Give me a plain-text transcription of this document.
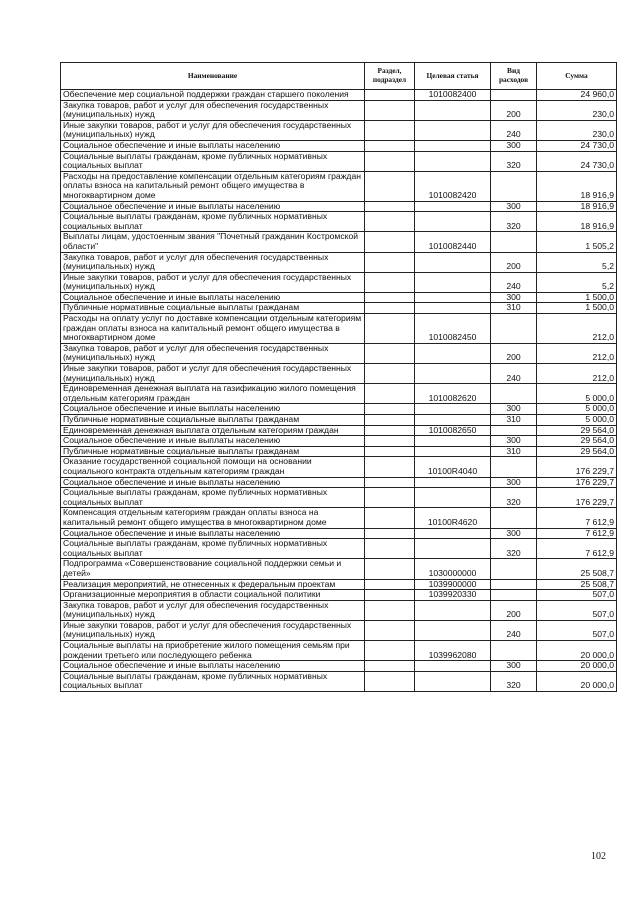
Наименование	Раздел, подраздел	Целевая статья	Вид расходов	Сумма
Обеспечение мер социальной поддержки граждан старшего поколения		1010082400		24 960,0
Закупка товаров, работ и услуг для обеспечения государственных (муниципальных) нужд			200	230,0
Иные закупки товаров, работ и услуг для обеспечения государственных (муниципальных) нужд			240	230,0
Социальное обеспечение и иные выплаты населению			300	24 730,0
Социальные выплаты гражданам, кроме публичных нормативных социальных выплат			320	24 730,0
Расходы на предоставление компенсации отдельным категориям граждан оплаты взноса на капитальный ремонт общего имущества в многоквартирном доме		1010082420		18 916,9
Социальное обеспечение и иные выплаты населению			300	18 916,9
Социальные выплаты гражданам, кроме публичных нормативных социальных выплат			320	18 916,9
Выплаты лицам, удостоенным звания "Почетный гражданин Костромской области"		1010082440		1 505,2
Закупка товаров, работ и услуг для обеспечения государственных (муниципальных) нужд			200	5,2
Иные закупки товаров, работ и услуг для обеспечения государственных (муниципальных) нужд			240	5,2
Социальное обеспечение и иные выплаты населению			300	1 500,0
Публичные нормативные социальные выплаты гражданам			310	1 500,0
Расходы на оплату услуг по доставке компенсации отдельным категориям граждан оплаты взноса на капитальный ремонт общего имущества в многоквартирном доме		1010082450		212,0
Закупка товаров, работ и услуг для обеспечения государственных (муниципальных) нужд			200	212,0
Иные закупки товаров, работ и услуг для обеспечения государственных (муниципальных) нужд			240	212,0
Единовременная денежная выплата на газификацию жилого помещения отдельным категориям граждан		1010082620		5 000,0
Социальное обеспечение и иные выплаты населению			300	5 000,0
Публичные нормативные социальные выплаты гражданам			310	5 000,0
Единовременная денежная выплата отдельным категориям граждан		1010082650		29 564,0
Социальное обеспечение и иные выплаты населению			300	29 564,0
Публичные нормативные социальные выплаты гражданам			310	29 564,0
Оказание государственной социальной помощи на основании социального контракта отдельным категориям граждан		10100R4040		176 229,7
Социальное обеспечение и иные выплаты населению			300	176 229,7
Социальные выплаты гражданам, кроме публичных нормативных социальных выплат			320	176 229,7
Компенсация отдельным категориям граждан оплаты взноса на капитальный ремонт общего имущества в многоквартирном доме		10100R4620		7 612,9
Социальное обеспечение и иные выплаты населению			300	7 612,9
Социальные выплаты гражданам, кроме публичных нормативных социальных выплат			320	7 612,9
Подпрограмма «Совершенствование социальной поддержки семьи и детей»		1030000000		25 508,7
Реализация мероприятий, не отнесенных к федеральным проектам		1039900000		25 508,7
Организационные мероприятия в области социальной политики		1039920330		507,0
Закупка товаров, работ и услуг для обеспечения государственных (муниципальных) нужд			200	507,0
Иные закупки товаров, работ и услуг для обеспечения государственных (муниципальных) нужд			240	507,0
Социальные выплаты на приобретение жилого помещения семьям при рождении третьего или последующего ребенка		1039962080		20 000,0
Социальное обеспечение и иные выплаты населению			300	20 000,0
Социальные выплаты гражданам, кроме публичных нормативных социальных выплат			320	20 000,0
102
